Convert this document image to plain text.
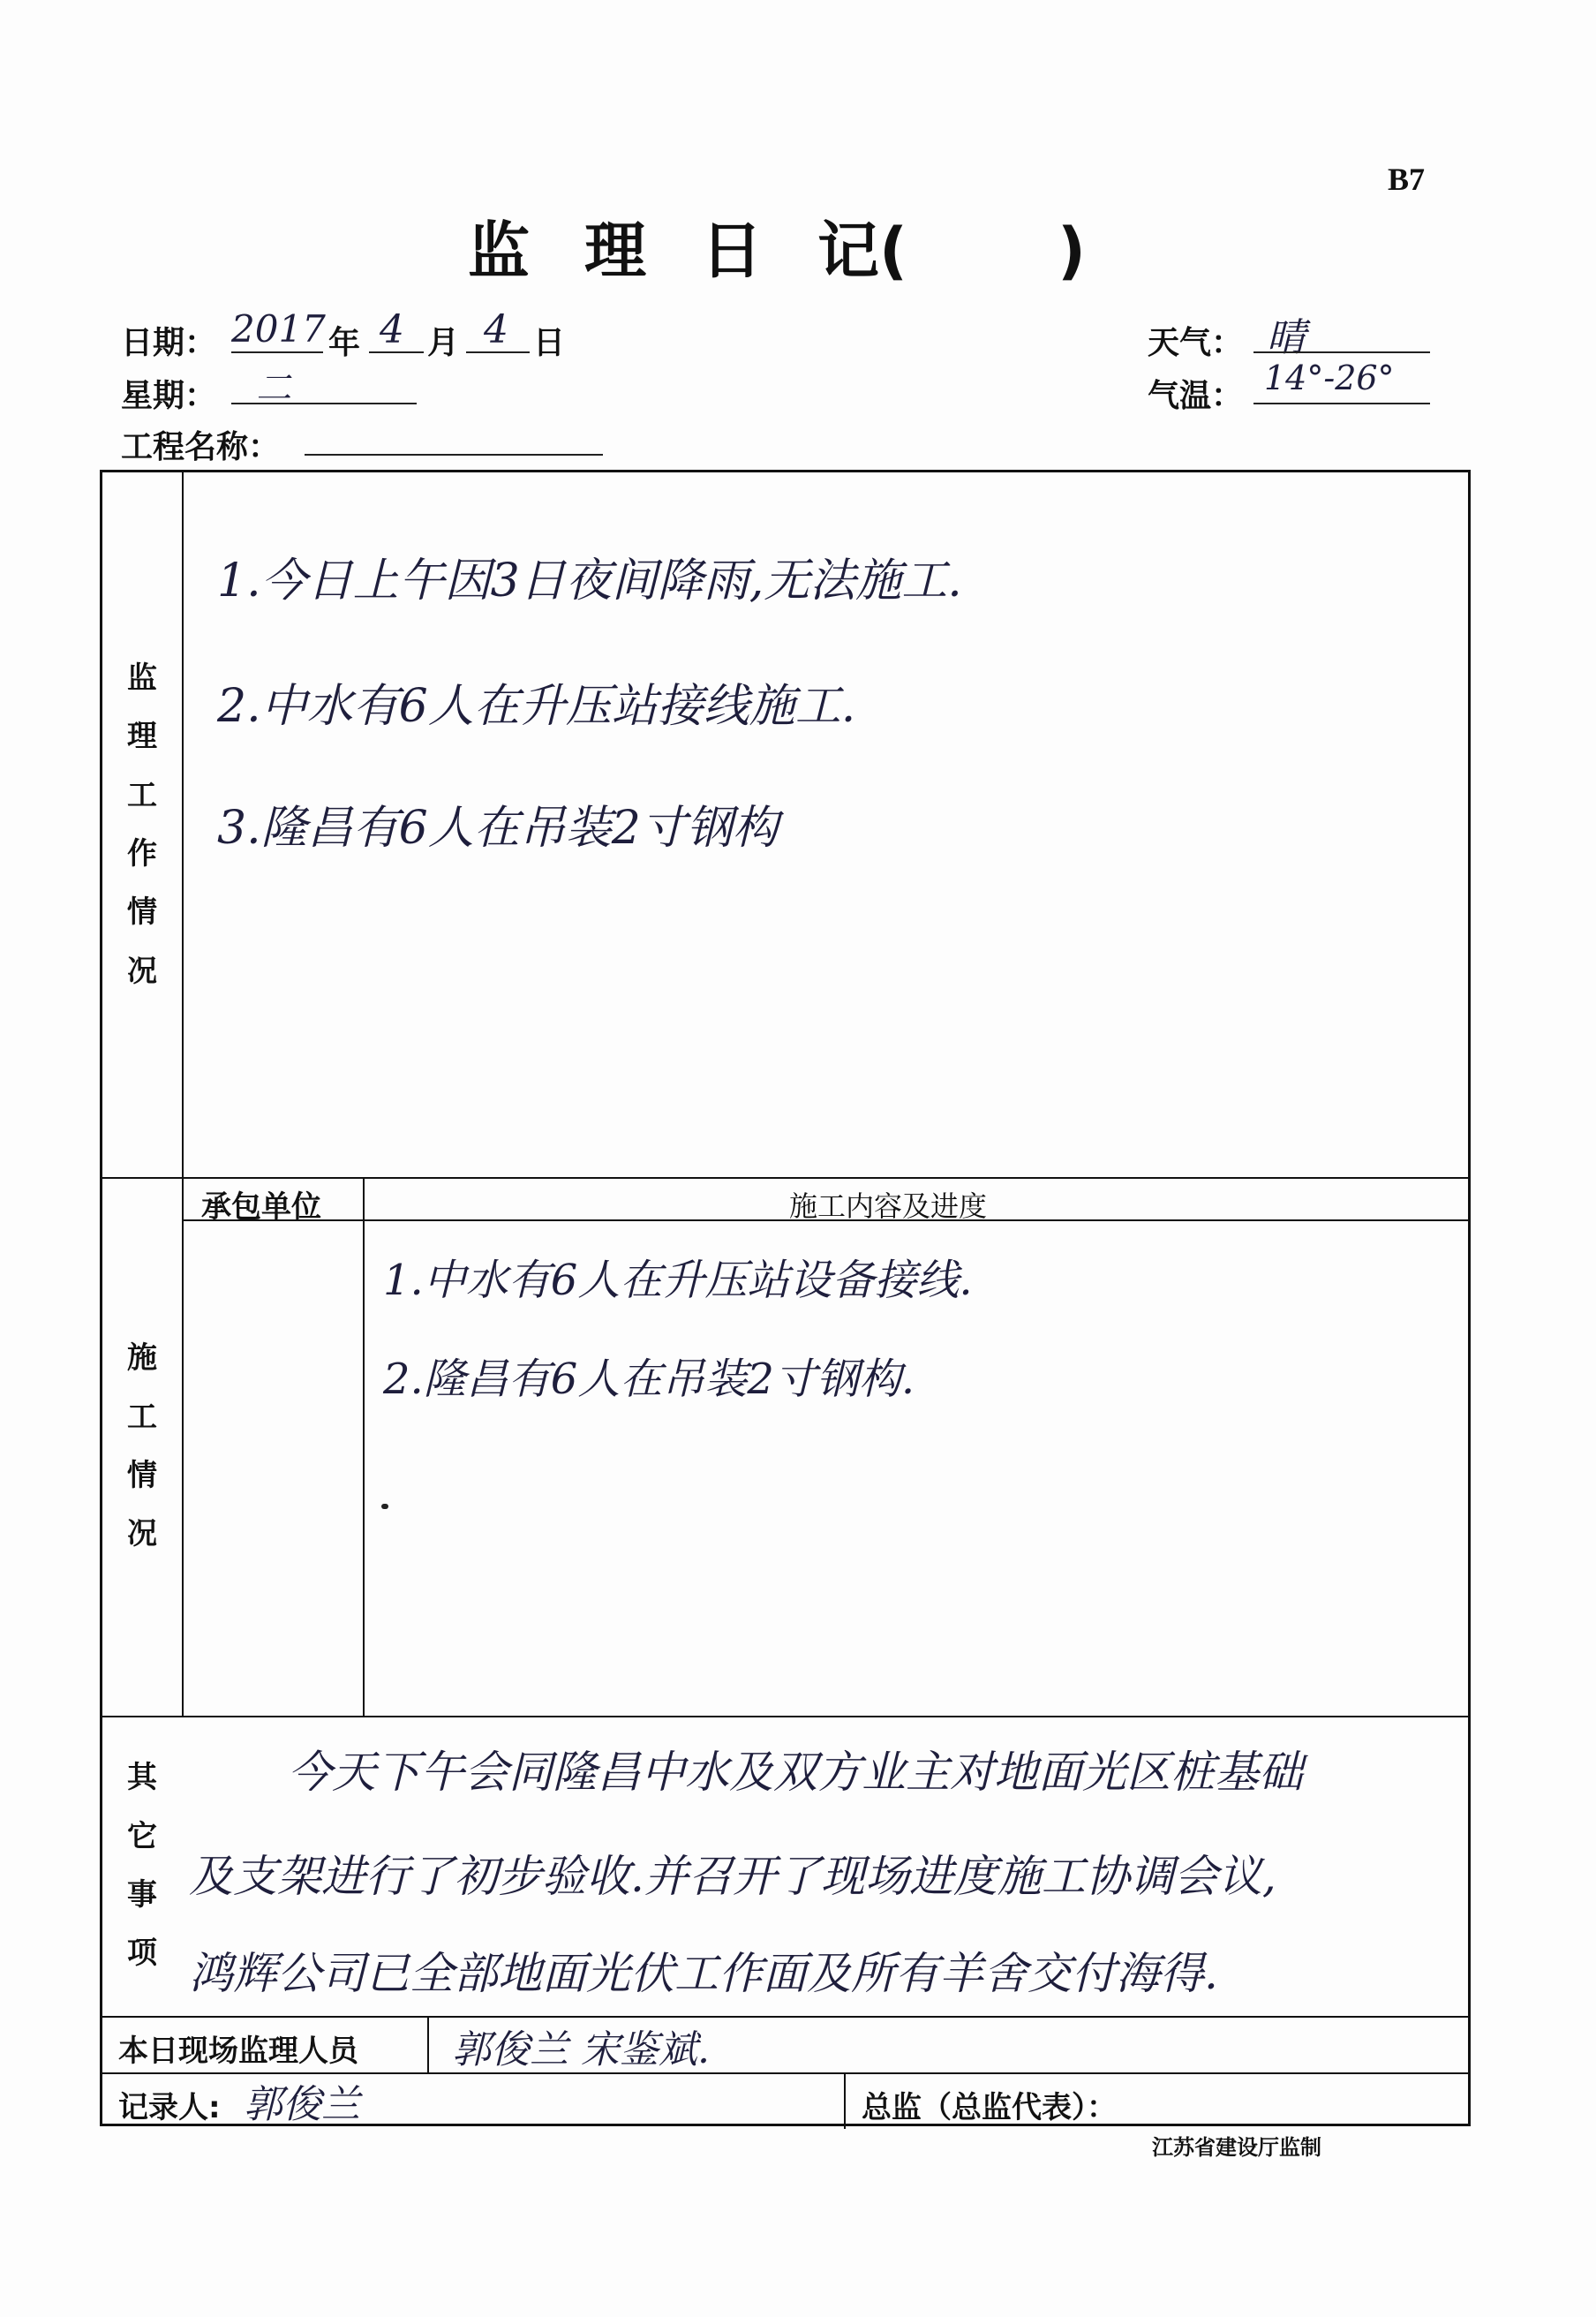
B7
监 理 日 记( )
日期： 2017 年 4 月 4 日
星期： 二
工程名称：
天气： 晴
气温： 14°-26°
监
理
工
作
情
况
1.今日上午因3日夜间降雨,无法施工.
2.中水有6人在升压站接线施工.
3.隆昌有6人在吊装2寸钢构
施
工
情
况
承包单位	施工内容及进度
1.中水有6人在升压站设备接线.
2.隆昌有6人在吊装2寸钢构.
其
它
事
项
今天下午会同隆昌中水及双方业主对地面光区桩基础
及支架进行了初步验收.并召开了现场进度施工协调会议,
鸿辉公司已全部地面光伏工作面及所有羊舍交付海得.
本日现场监理人员 郭俊兰 宋鉴斌.
记录人: 郭俊兰	总监（总监代表）：
江苏省建设厅监制
